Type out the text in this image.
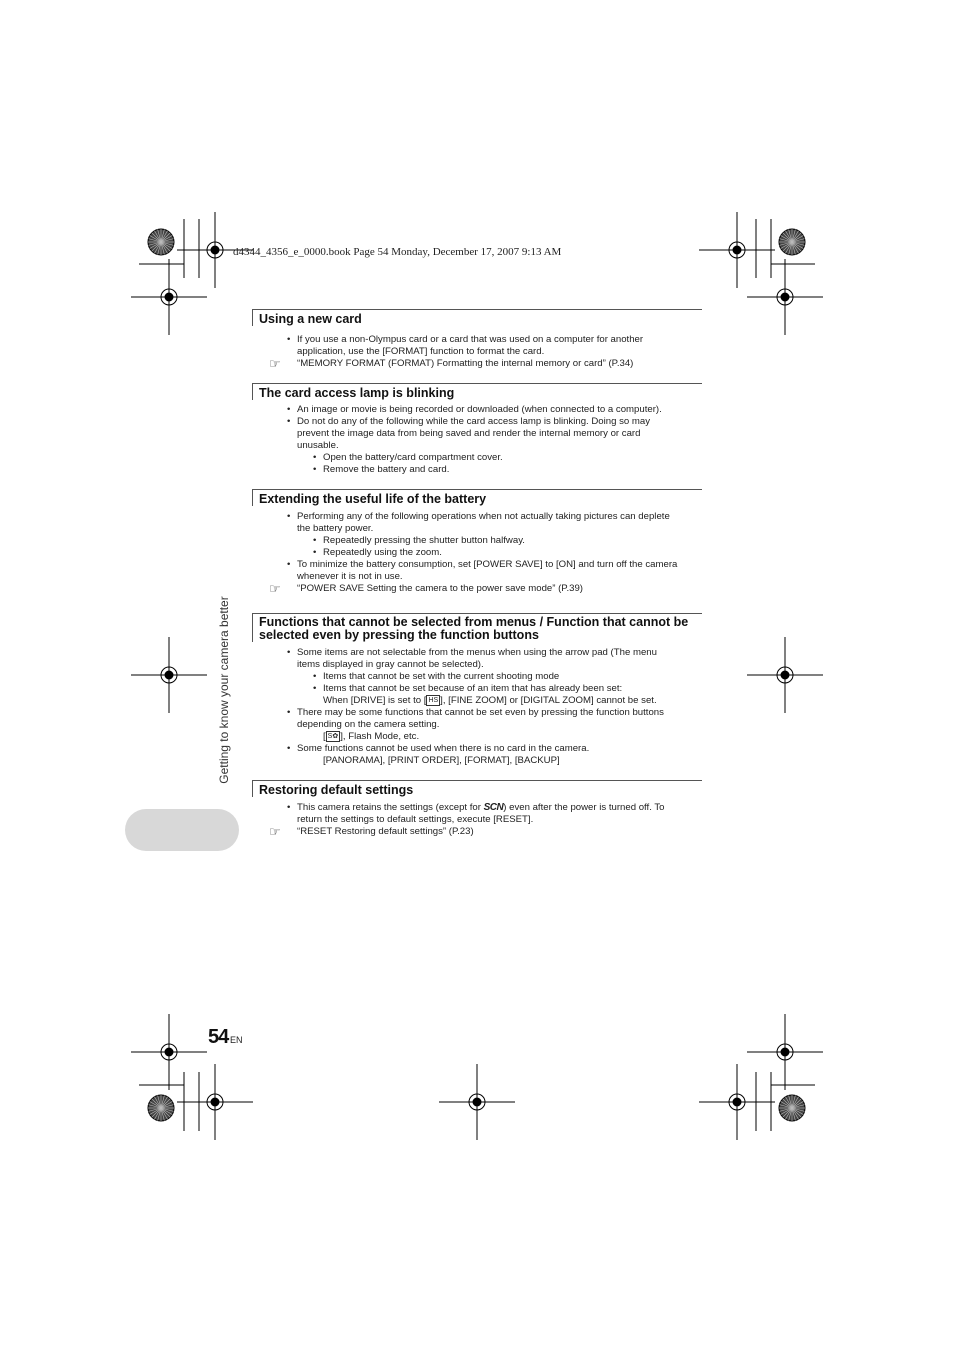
d4344_4356_e_0000.book Page 54 Monday, December 17, 2007 9:13 AM
Using a new card
• If you use a non-Olympus card or a card that was used on a computer for another
application, use the [FORMAT] function to format the card.
☞ “MEMORY FORMAT (FORMAT) Formatting the internal memory or card” (P.34)
The card access lamp is blinking
• An image or movie is being recorded or downloaded (when connected to a computer).
• Do not do any of the following while the card access lamp is blinking. Doing so may
prevent the image data from being saved and render the internal memory or card
unusable.
• Open the battery/card compartment cover.
• Remove the battery and card.
Extending the useful life of the battery
• Performing any of the following operations when not actually taking pictures can deplete
the battery power.
• Repeatedly pressing the shutter button halfway.
• Repeatedly using the zoom.
• To minimize the battery consumption, set [POWER SAVE] to [ON] and turn off the camera
whenever it is not in use.
☞ “POWER SAVE Setting the camera to the power save mode” (P.39)
Functions that cannot be selected from menus / Function that cannot be
selected even by pressing the function buttons
• Some items are not selectable from the menus when using the arrow pad (The menu
items displayed in gray cannot be selected).
• Items that cannot be set with the current shooting mode
• Items that cannot be set because of an item that has already been set:
When [DRIVE] is set to [ HS ], [FINE ZOOM] or [DIGITAL ZOOM] cannot be set.
• There may be some functions that cannot be set even by pressing the function buttons
depending on the camera setting.
[ S✿ ], Flash Mode, etc.
• Some functions cannot be used when there is no card in the camera.
[PANORAMA], [PRINT ORDER], [FORMAT], [BACKUP]
Restoring default settings
• This camera retains the settings (except for SCN) even after the power is turned off. To
return the settings to default settings, execute [RESET].
☞ “RESET Restoring default settings” (P.23)
Getting to know your camera better
54 EN
